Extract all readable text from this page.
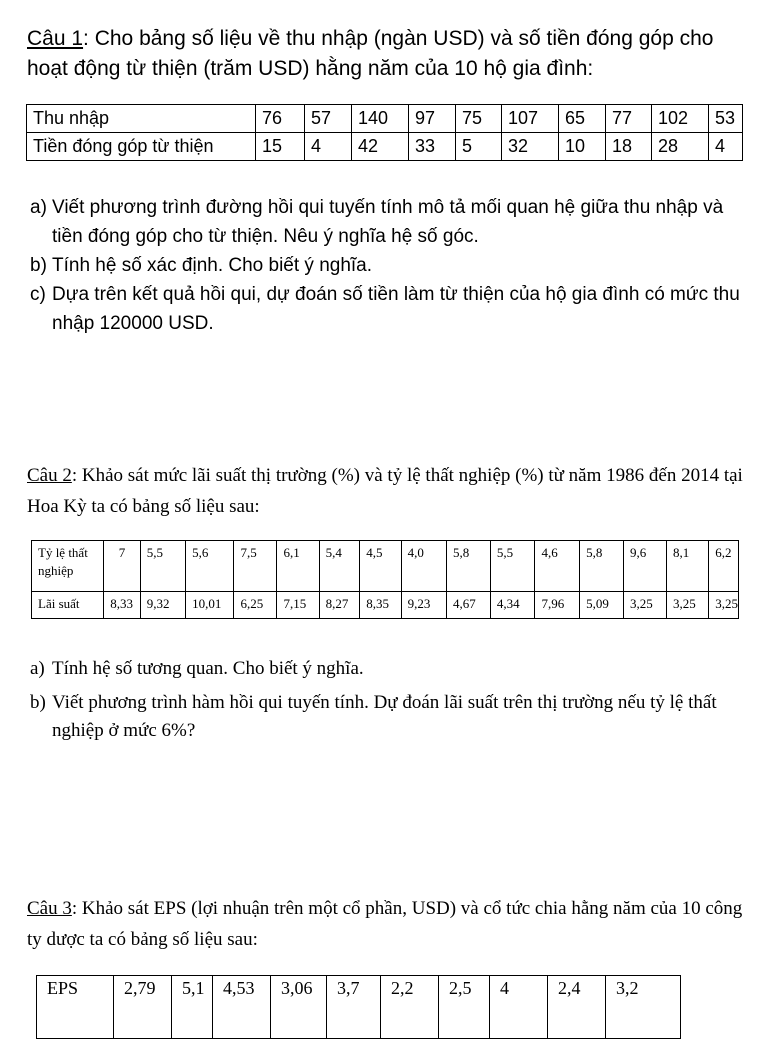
Câu 1: Cho bảng số liệu về thu nhập (ngàn USD) và số tiền đóng góp cho hoạt động từ thiện (trăm USD) hằng năm của 10 hộ gia đình:
Thu nhập	76	57	140	97	75	107	65	77	102	53
Tiền đóng góp từ thiện	15	4	42	33	5	32	10	18	28	4
a) Viết phương trình đường hồi qui tuyến tính mô tả mối quan hệ giữa thu nhập và tiền đóng góp cho từ thiện. Nêu ý nghĩa hệ số góc.
b) Tính hệ số xác định. Cho biết ý nghĩa.
c) Dựa trên kết quả hồi qui, dự đoán số tiền làm từ thiện của hộ gia đình có mức thu nhập 120000 USD.
Câu 2: Khảo sát mức lãi suất thị trường (%) và tỷ lệ thất nghiệp (%) từ năm 1986 đến 2014 tại Hoa Kỳ ta có bảng số liệu sau:
Tỷ lệ thất nghiệp	7	5,5	5,6	7,5	6,1	5,4	4,5	4,0	5,8	5,5	4,6	5,8	9,6	8,1	6,2
Lãi suất	8,33	9,32	10,01	6,25	7,15	8,27	8,35	9,23	4,67	4,34	7,96	5,09	3,25	3,25	3,25
a) Tính hệ số tương quan. Cho biết ý nghĩa.
b) Viết phương trình hàm hồi qui tuyến tính. Dự đoán lãi suất trên thị trường nếu tỷ lệ thất nghiệp ở mức 6%?
Câu 3: Khảo sát EPS (lợi nhuận trên một cổ phần, USD) và cổ tức chia hằng năm của 10 công ty dược ta có bảng số liệu sau:
EPS	2,79	5,1	4,53	3,06	3,7	2,2	2,5	4	2,4	3,2
